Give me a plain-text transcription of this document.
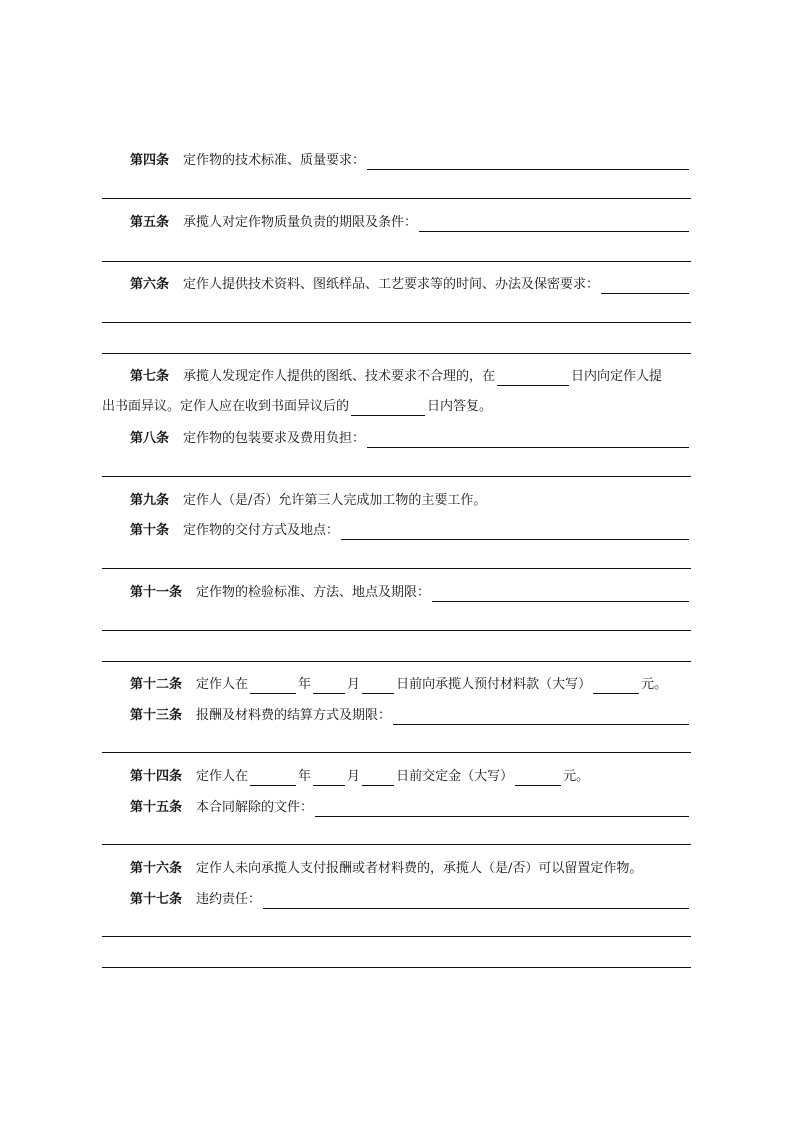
第四条 定作物的技术标准、质量要求：
第五条 承揽人对定作物质量负责的期限及条件：
第六条 定作人提供技术资料、图纸样品、工艺要求等的时间、办法及保密要求：
第七条 承揽人发现定作人提供的图纸、技术要求不合理的，在	日内向定作人提
出书面异议。定作人应在收到书面异议后的	日内答复。
第八条 定作物的包装要求及费用负担：
第九条 定作人（是/否）允许第三人完成加工物的主要工作。
第十条 定作物的交付方式及地点：
第十一条 定作物的检验标准、方法、地点及期限：
第十二条 定作人在	年	月	日前向承揽人预付材料款（大写）	元。
第十三条 报酬及材料费的结算方式及期限：
第十四条 定作人在	年	月	日前交定金（大写）	元。
第十五条 本合同解除的文件：
第十六条 定作人未向承揽人支付报酬或者材料费的，承揽人（是/否）可以留置定作物。
第十七条 违约责任：
